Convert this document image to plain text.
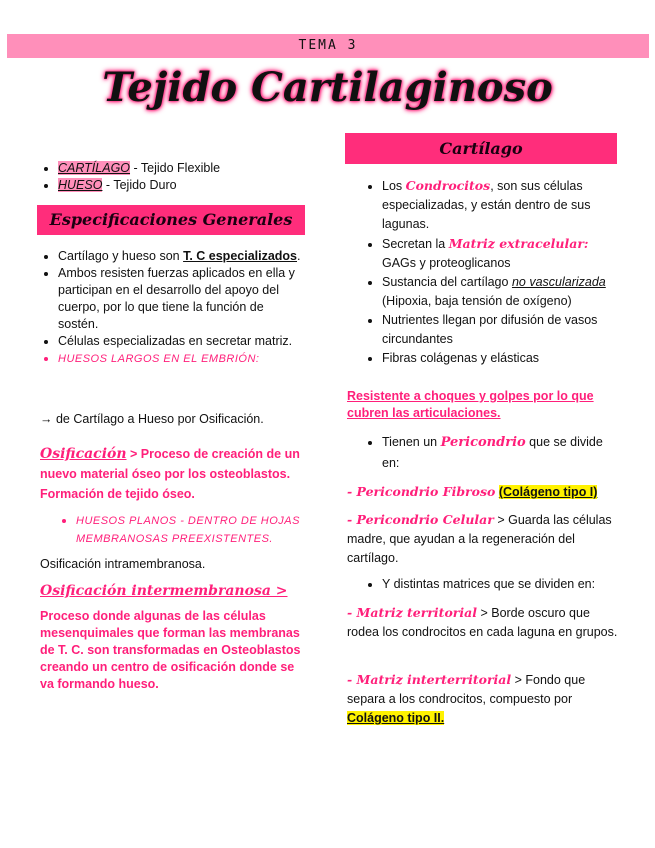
TEMA 3
Tejido Cartilaginoso
• CARTÍLAGO - Tejido Flexible
• HUESO - Tejido Duro
Especificaciones Generales
• Cartílago y hueso son T. C especializados.
• Ambos resisten fuerzas aplicados en ella y participan en el desarrollo del apoyo del cuerpo, por lo que tiene la función de sostén.
• Células especializadas en secretar matriz.
• HUESOS LARGOS EN EL EMBRIÓN:
→ de Cartílago a Hueso por Osificación.
Osificación > Proceso de creación de un nuevo material óseo por los osteoblastos. Formación de tejido óseo.
• HUESOS PLANOS - DENTRO DE HOJAS MEMBRANOSAS PREEXISTENTES.
Osificación intramembranosa.
Osificación intermembranosa >
Proceso donde algunas de las células mesenquimales que forman las membranas de T. C. son transformadas en Osteoblastos creando un centro de osificación donde se va formando hueso.
Cartílago
• Los Condrocitos, son sus células especializadas, y están dentro de sus lagunas.
• Secretan la Matriz extracelular:
GAGs y proteoglicanos
• Sustancia del cartílago no vascularizada (Hipoxia, baja tensión de oxígeno)
• Nutrientes llegan por difusión de vasos circundantes
• Fibras colágenas y elásticas
Resistente a choques y golpes por lo que cubren las articulaciones.
• Tienen un Pericondrio que se divide en:
- Pericondrio Fibroso (Colágeno tipo I)
- Pericondrio Celular > Guarda las células madre, que ayudan a la regeneración del cartílago.
• Y distintas matrices que se dividen en:
- Matriz territorial > Borde oscuro que rodea los condrocitos en cada laguna en grupos.
- Matriz interterritorial > Fondo que separa a los condrocitos, compuesto por Colágeno tipo II.
